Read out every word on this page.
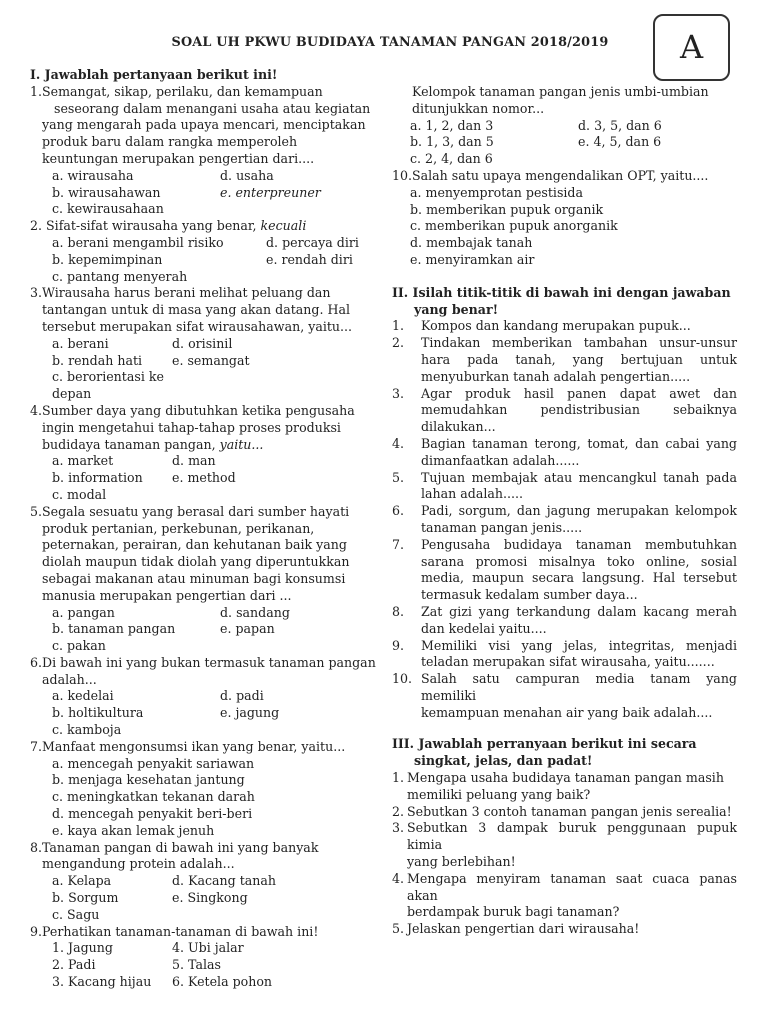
SOAL UH PKWU BUDIDAYA TANAMAN PANGAN 2018/2019	A
I. Jawablah pertanyaan berikut ini!
1. Semangat, sikap, perilaku, dan kemampuan
seseorang dalam menangani usaha atau kegiatan
yang mengarah pada upaya mencari, menciptakan
produk baru dalam rangka memperoleh
keuntungan merupakan pengertian dari....
a. wirausaha	d. usaha
b. wirausahawan	e. enterpreuner
c. kewirausahaan
2. Sifat-sifat wirausaha yang benar, kecuali
a. berani mengambil risiko	d. percaya diri
b. kepemimpinan	e. rendah diri
c. pantang menyerah
3. Wirausaha harus berani melihat peluang dan
tantangan untuk di masa yang akan datang. Hal
tersebut merupakan sifat wirausahawan, yaitu...
a. berani	d. orisinil
b. rendah hati	e. semangat
c. berorientasi ke depan
4. Sumber daya yang dibutuhkan ketika pengusaha
ingin mengetahui tahap-tahap proses produksi
budidaya tanaman pangan, yaitu...
a. market	d. man
b. information	e. method
c. modal
5. Segala sesuatu yang berasal dari sumber hayati
produk pertanian, perkebunan, perikanan,
peternakan, perairan, dan kehutanan baik yang
diolah maupun tidak diolah yang diperuntukkan
sebagai makanan atau minuman bagi konsumsi
manusia merupakan pengertian dari ...
a. pangan	d. sandang
b. tanaman pangan	e. papan
c. pakan
6. Di bawah ini yang bukan termasuk tanaman pangan
adalah...
a. kedelai	d. padi
b. holtikultura	e. jagung
c. kamboja
7. Manfaat mengonsumsi ikan yang benar, yaitu...
a. mencegah penyakit sariawan
b. menjaga kesehatan jantung
c. meningkatkan tekanan darah
d. mencegah penyakit beri-beri
e. kaya akan lemak jenuh
8. Tanaman pangan di bawah ini yang banyak
mengandung protein adalah...
a. Kelapa	d. Kacang tanah
b. Sorgum	e. Singkong
c. Sagu
9. Perhatikan tanaman-tanaman di bawah ini!
1. Jagung	4. Ubi jalar
2. Padi	5. Talas
3. Kacang hijau	6. Ketela pohon
Kelompok tanaman pangan jenis umbi-umbian
ditunjukkan nomor...
a. 1, 2, dan 3	d. 3, 5, dan 6
b. 1, 3, dan 5	e. 4, 5, dan 6
c. 2, 4, dan 6
10. Salah satu upaya mengendalikan OPT, yaitu....
a. menyemprotan pestisida
b. memberikan pupuk organik
c. memberikan pupuk anorganik
d. membajak tanah
e. menyiramkan air
II. Isilah titik-titik di bawah ini dengan jawaban
yang benar!
1.	Kompos dan kandang merupakan pupuk...
2.	Tindakan memberikan tambahan unsur-unsur
hara pada tanah, yang bertujuan untuk
menyuburkan tanah adalah pengertian.....
3.	Agar produk hasil panen dapat awet dan
memudahkan pendistribusian sebaiknya
dilakukan...
4.	Bagian tanaman terong, tomat, dan cabai yang
dimanfaatkan adalah......
5.	Tujuan membajak atau mencangkul tanah pada
lahan adalah.....
6.	Padi, sorgum, dan jagung merupakan kelompok
tanaman pangan jenis.....
7.	Pengusaha budidaya tanaman membutuhkan
sarana promosi misalnya toko online, sosial
media, maupun secara langsung. Hal tersebut
termasuk kedalam sumber daya...
8.	Zat gizi yang terkandung dalam kacang merah
dan kedelai yaitu....
9.	Memiliki visi yang jelas, integritas, menjadi
teladan merupakan sifat wirausaha, yaitu.......
10. Salah satu campuran media tanam yang memiliki
kemampuan menahan air yang baik adalah....
III. Jawablah perranyaan berikut ini secara
singkat, jelas, dan padat!
1. Mengapa usaha budidaya tanaman pangan masih
memiliki peluang yang baik?
2. Sebutkan 3 contoh tanaman pangan jenis serealia!
3. Sebutkan 3 dampak buruk penggunaan pupuk kimia
yang berlebihan!
4. Mengapa menyiram tanaman saat cuaca panas akan
berdampak buruk bagi tanaman?
5. Jelaskan pengertian dari wirausaha!
